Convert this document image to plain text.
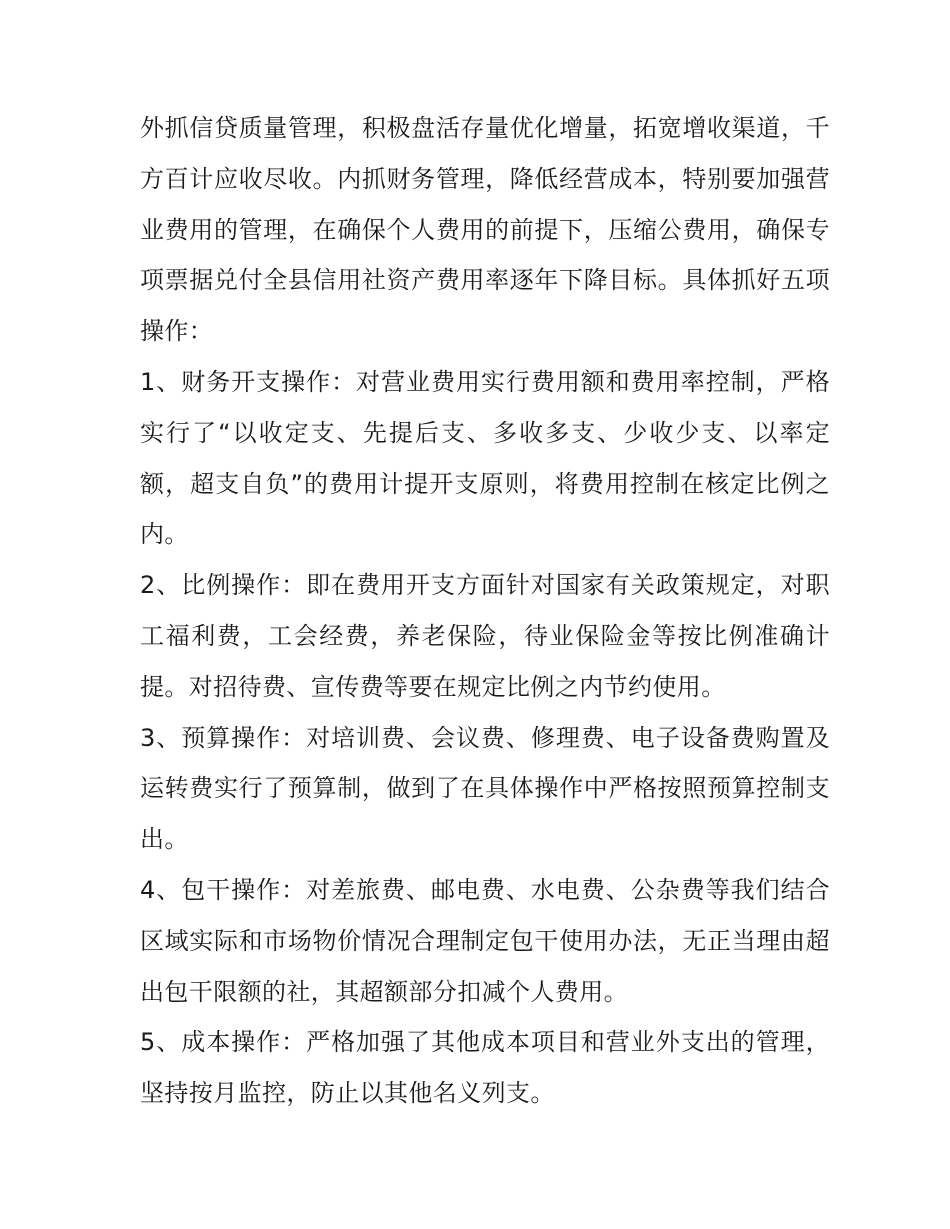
外抓信贷质量管理，积极盘活存量优化增量，拓宽增收渠道，千方百计应收尽收。内抓财务管理，降低经营成本，特别要加强营业费用的管理，在确保个人费用的前提下，压缩公费用，确保专项票据兑付全县信用社资产费用率逐年下降目标。具体抓好五项操作：

1、财务开支操作：对营业费用实行费用额和费用率控制，严格实行了“以收定支、先提后支、多收多支、少收少支、以率定额，超支自负”的费用计提开支原则，将费用控制在核定比例之内。

2、比例操作：即在费用开支方面针对国家有关政策规定，对职工福利费，工会经费，养老保险，待业保险金等按比例准确计提。对招待费、宣传费等要在规定比例之内节约使用。

3、预算操作：对培训费、会议费、修理费、电子设备费购置及运转费实行了预算制，做到了在具体操作中严格按照预算控制支出。

4、包干操作：对差旅费、邮电费、水电费、公杂费等我们结合区域实际和市场物价情况合理制定包干使用办法，无正当理由超出包干限额的社，其超额部分扣减个人费用。

5、成本操作：严格加强了其他成本项目和营业外支出的管理，坚持按月监控，防止以其他名义列支。
